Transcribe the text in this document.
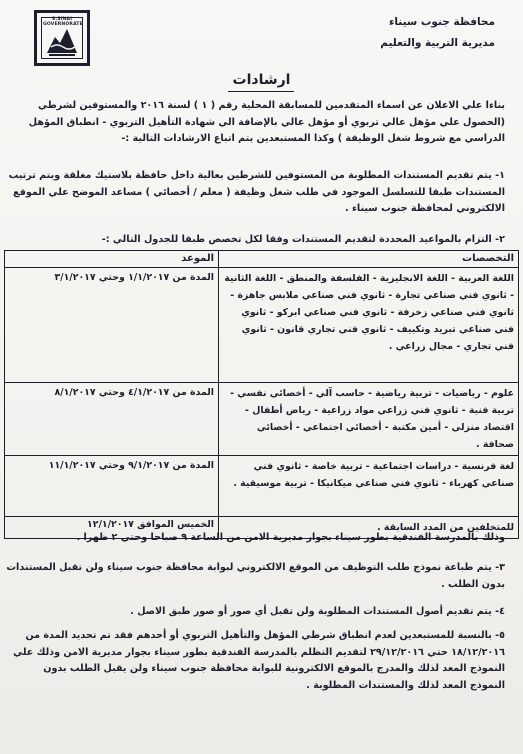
محافظة جنوب سيناء
مديرية التربية والتعليم
S.SINAI GOVERNORATE
ارشادات
بناءا علي الاعلان عن اسماء المتقدمين للمسابقة المحلية رقم ( ١ ) لسنة ٢٠١٦ والمستوفين لشرطي (الحصول علي مؤهل عالي تربوي أو مؤهل عالي بالإضافة الي شهادة التأهيل التربوي - انطباق المؤهل الدراسي مع شروط شغل الوظيفة ) وكذا المستبعدين يتم اتباع الارشادات التالية :-
١- يتم تقديم المستندات المطلوبة من المستوفين للشرطين بعالية داخل حافظة بلاستيك مغلقة ويتم ترتيب المستندات طبقا للتسلسل الموجود في طلب شغل وظيفة ( معلم / أخصائي ) مساعد الموضح علي الموقع الالكتروني لمحافظة جنوب سيناء .
٢- التزام بالمواعيد المحددة لتقديم المستندات وفقا لكل تخصص طبقا للجدول التالي :-
التخصصات	الموعد
اللغة العربية - اللغة الانجليزية - الفلسفة والمنطق - اللغة الثانية - ثانوي فني صناعي تجارة - ثانوي فني صناعي ملابس جاهزة - ثانوي فني صناعي زخرفة - ثانوي فني صناعي ابركو - ثانوي فني صناعي تبريد وتكييف - ثانوي فني تجاري قانون - ثانوي فني تجاري - مجال زراعي .	المدة من ١/١/٢٠١٧ وحتي ٣/١/٢٠١٧
علوم - رياضيات - تربية رياضية - حاسب آلي - أخصائي نفسي - تربية فنية - ثانوي فني زراعي مواد زراعية - رياض أطفال - اقتصاد منزلي - أمين مكتبة - أخصائي اجتماعي - أخصائي صحافة .	المدة من ٤/١/٢٠١٧ وحتي ٨/١/٢٠١٧
لغة فرنسية - دراسات اجتماعية - تربية خاصة - ثانوي فني صناعي كهرباء - ثانوي فني صناعي ميكانيكا - تربية موسيقية .	المدة من ٩/١/٢٠١٧ وحتي ١١/١/٢٠١٧
للمتخلفين من المدد السابقة .	الخميس الموافق ١٢/١/٢٠١٧
وذلك بالمدرسة الفندقية بطور سيناء بجوار مديرية الامن من الساعة ٩ صباحا وحتي ٢ ظهرا .
٣- يتم طباعة نموذج طلب التوظيف من الموقع الالكتروني لبوابة محافظة جنوب سيناء ولن تقبل المستندات بدون الطلب .
٤- يتم تقديم أصول المستندات المطلوبة ولن تقبل أي صور أو صور طبق الاصل .
٥- بالنسبة للمستبعدين لعدم انطباق شرطي المؤهل والتأهيل التربوي أو أحدهم فقد تم تحديد المدة من ١٨/١٢/٢٠١٦ حتي ٢٩/١٢/٢٠١٦ لتقديم التظلم بالمدرسة الفندقية بطور سيناء بجوار مديرية الامن وذلك علي النموذج المعد لذلك والمدرج بالموقع الالكترونية للبوابة محافظة جنوب سيناء ولن يقبل الطلب بدون النموذج المعد لذلك والمستندات المطلوبة .
